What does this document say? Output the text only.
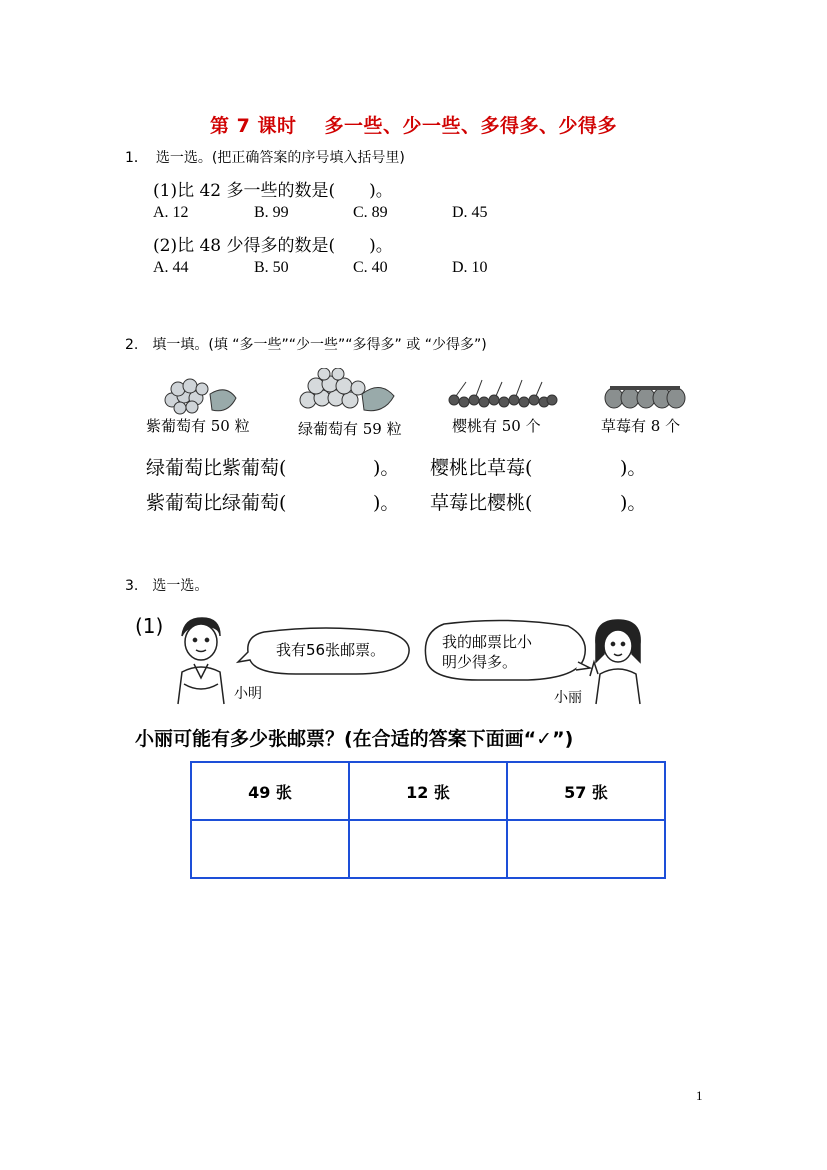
第 7 课时 多一些、少一些、多得多、少得多
1． 选一选。(把正确答案的序号填入括号里)
(1)比 42 多一些的数是(　　)。
A. 12	B. 99	C. 89	D. 45
(2)比 48 少得多的数是(　　)。
A. 44	B. 50	C. 40	D. 10
2. 填一填。(填 “多一些”“少一些”“多得多” 或 “少得多”)
紫葡萄有 50 粒	绿葡萄有 59 粒	樱桃有 50 个	草莓有 8 个
绿葡萄比紫葡萄(	)。 樱桃比草莓(	)。
紫葡萄比绿葡萄(	)。 草莓比樱桃(	)。
3. 选一选。
(1)
小明
我有56张邮票。	我的邮票比小
明少得多。
小丽
小丽可能有多少张邮票？(在合适的答案下面画“✓”)
49 张	12 张	57 张

1
